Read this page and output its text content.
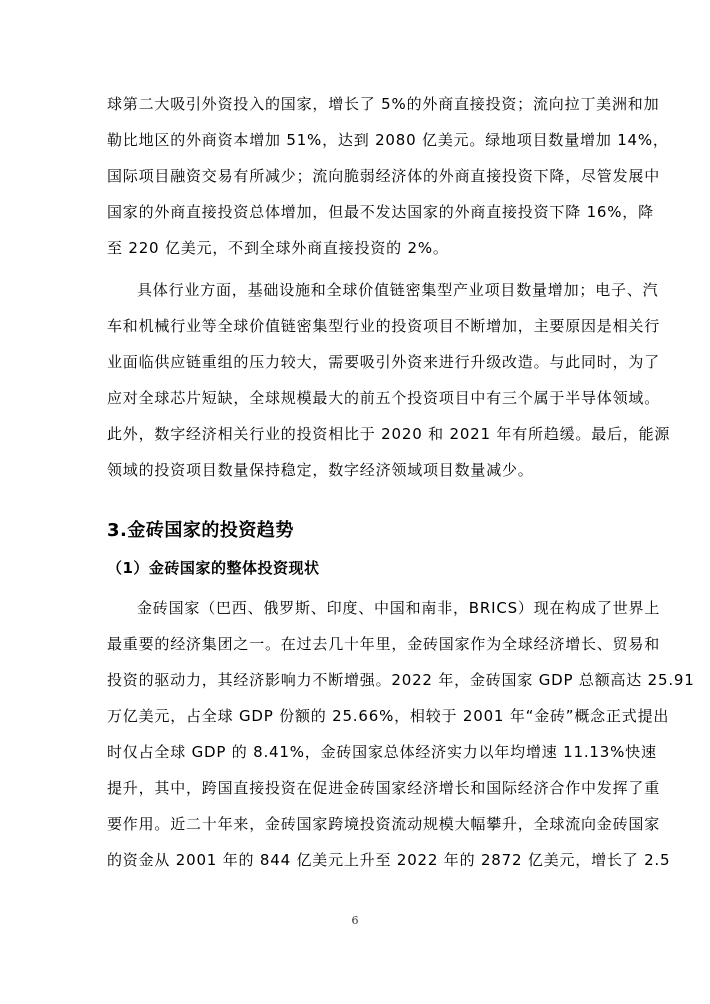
球第二大吸引外资投入的国家，增长了 5%的外商直接投资；流向拉丁美洲和加
勒比地区的外商资本增加 51%，达到 2080 亿美元。绿地项目数量增加 14%，
国际项目融资交易有所减少；流向脆弱经济体的外商直接投资下降，尽管发展中
国家的外商直接投资总体增加，但最不发达国家的外商直接投资下降 16%，降
至 220 亿美元，不到全球外商直接投资的 2%。
具体行业方面，基础设施和全球价值链密集型产业项目数量增加；电子、汽
车和机械行业等全球价值链密集型行业的投资项目不断增加，主要原因是相关行
业面临供应链重组的压力较大，需要吸引外资来进行升级改造。与此同时，为了
应对全球芯片短缺，全球规模最大的前五个投资项目中有三个属于半导体领域。
此外，数字经济相关行业的投资相比于 2020 和 2021 年有所趋缓。最后，能源
领域的投资项目数量保持稳定，数字经济领域项目数量减少。
3.金砖国家的投资趋势
（1）金砖国家的整体投资现状
金砖国家（巴西、俄罗斯、印度、中国和南非，BRICS）现在构成了世界上
最重要的经济集团之一。在过去几十年里，金砖国家作为全球经济增长、贸易和
投资的驱动力，其经济影响力不断增强。2022 年，金砖国家 GDP 总额高达 25.91
万亿美元，占全球 GDP 份额的 25.66%，相较于 2001 年“金砖”概念正式提出
时仅占全球 GDP 的 8.41%，金砖国家总体经济实力以年均增速 11.13%快速
提升，其中，跨国直接投资在促进金砖国家经济增长和国际经济合作中发挥了重
要作用。近二十年来，金砖国家跨境投资流动规模大幅攀升，全球流向金砖国家
的资金从 2001 年的 844 亿美元上升至 2022 年的 2872 亿美元，增长了 2.5
6
